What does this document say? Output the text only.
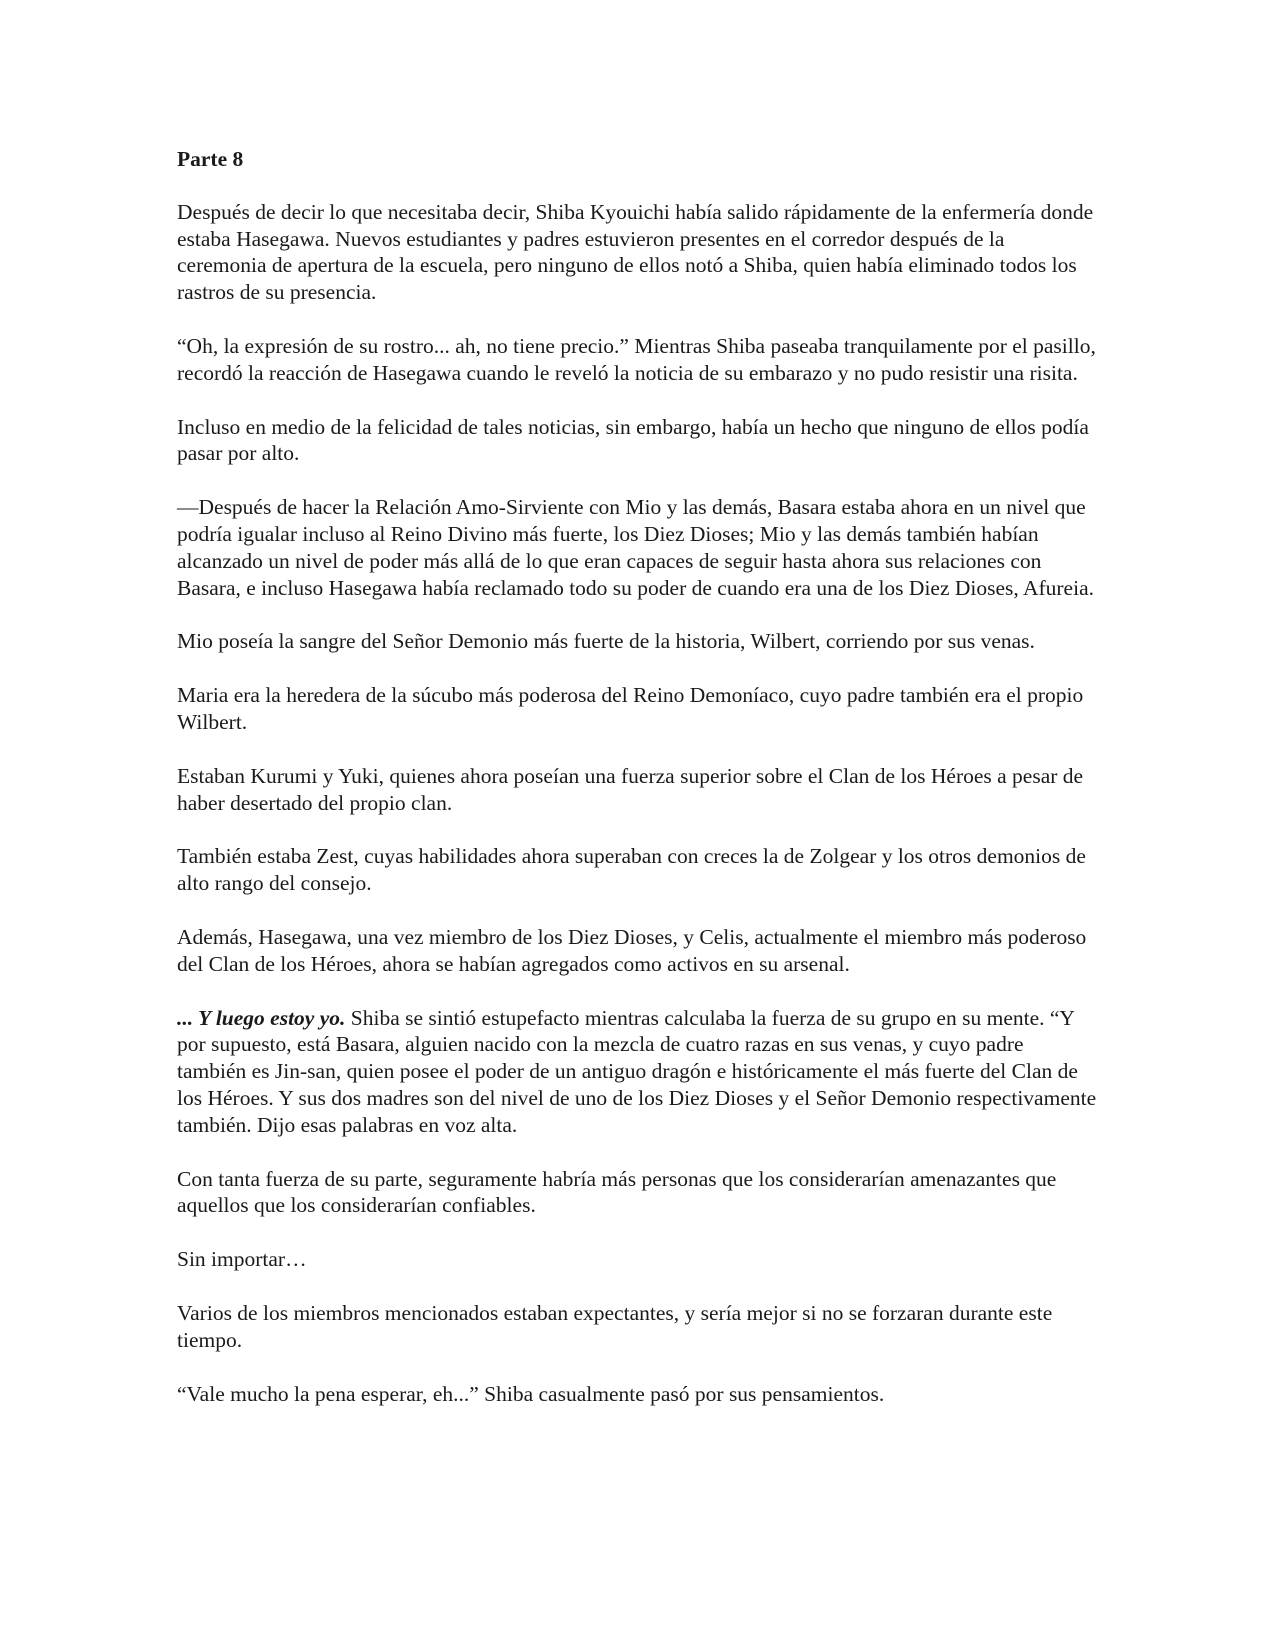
Parte 8

Después de decir lo que necesitaba decir, Shiba Kyouichi había salido rápidamente de la enfermería donde estaba Hasegawa. Nuevos estudiantes y padres estuvieron presentes en el corredor después de la ceremonia de apertura de la escuela, pero ninguno de ellos notó a Shiba, quien había eliminado todos los rastros de su presencia.

“Oh, la expresión de su rostro... ah, no tiene precio.” Mientras Shiba paseaba tranquilamente por el pasillo, recordó la reacción de Hasegawa cuando le reveló la noticia de su embarazo y no pudo resistir una risita.

Incluso en medio de la felicidad de tales noticias, sin embargo, había un hecho que ninguno de ellos podía pasar por alto.

—Después de hacer la Relación Amo-Sirviente con Mio y las demás, Basara estaba ahora en un nivel que podría igualar incluso al Reino Divino más fuerte, los Diez Dioses; Mio y las demás también habían alcanzado un nivel de poder más allá de lo que eran capaces de seguir hasta ahora sus relaciones con Basara, e incluso Hasegawa había reclamado todo su poder de cuando era una de los Diez Dioses, Afureia.

Mio poseía la sangre del Señor Demonio más fuerte de la historia, Wilbert, corriendo por sus venas.

Maria era la heredera de la súcubo más poderosa del Reino Demoníaco, cuyo padre también era el propio Wilbert.

Estaban Kurumi y Yuki, quienes ahora poseían una fuerza superior sobre el Clan de los Héroes a pesar de haber desertado del propio clan.

También estaba Zest, cuyas habilidades ahora superaban con creces la de Zolgear y los otros demonios de alto rango del consejo.

Además, Hasegawa, una vez miembro de los Diez Dioses, y Celis, actualmente el miembro más poderoso del Clan de los Héroes, ahora se habían agregados como activos en su arsenal.

... Y luego estoy yo. Shiba se sintió estupefacto mientras calculaba la fuerza de su grupo en su mente. “Y por supuesto, está Basara, alguien nacido con la mezcla de cuatro razas en sus venas, y cuyo padre también es Jin-san, quien posee el poder de un antiguo dragón e históricamente el más fuerte del Clan de los Héroes. Y sus dos madres son del nivel de uno de los Diez Dioses y el Señor Demonio respectivamente también. Dijo esas palabras en voz alta.

Con tanta fuerza de su parte, seguramente habría más personas que los considerarían amenazantes que aquellos que los considerarían confiables.

Sin importar…

Varios de los miembros mencionados estaban expectantes, y sería mejor si no se forzaran durante este tiempo.

“Vale mucho la pena esperar, eh...” Shiba casualmente pasó por sus pensamientos.
